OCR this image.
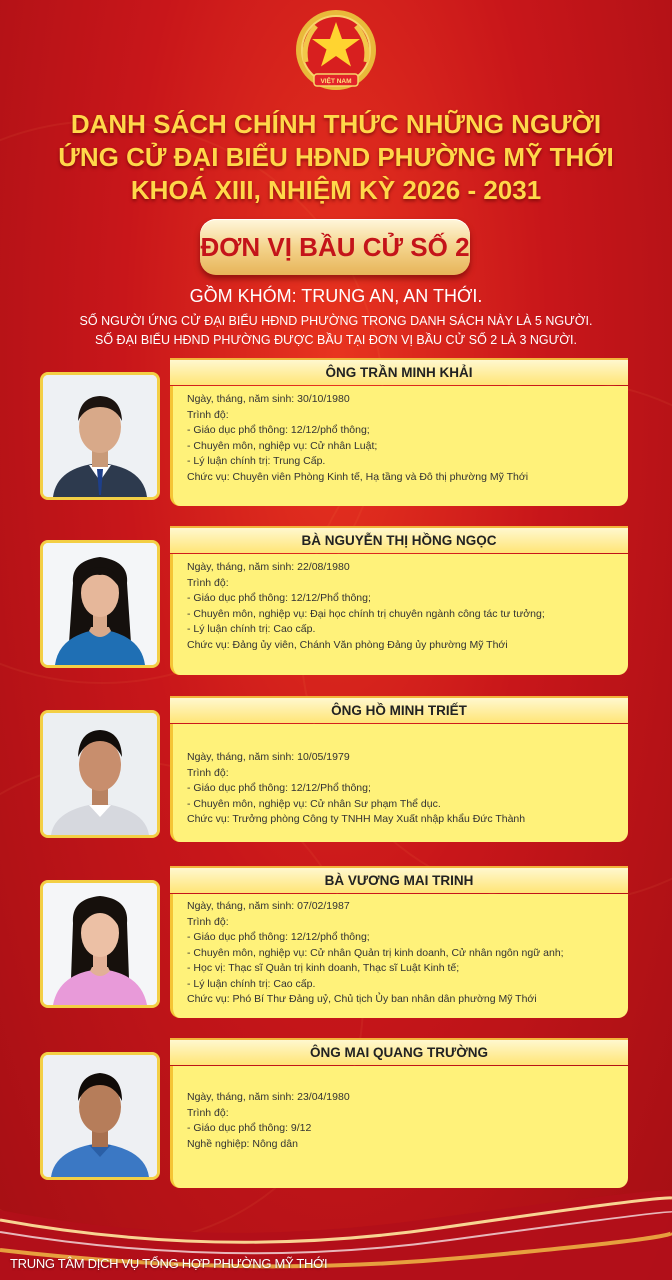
VIỆT NAM
DANH SÁCH CHÍNH THỨC NHỮNG NGƯỜI
ỨNG CỬ ĐẠI BIỂU HĐND PHƯỜNG MỸ THỚI
KHOÁ XIII, NHIỆM KỲ 2026 - 2031
ĐƠN VỊ BẦU CỬ SỐ 2
GỒM KHÓM: TRUNG AN, AN THỚI.
SỐ NGƯỜI ỨNG CỬ ĐẠI BIỂU HĐND PHƯỜNG TRONG DANH SÁCH NÀY LÀ 5 NGƯỜI.
SỐ ĐẠI BIỂU HĐND PHƯỜNG ĐƯỢC BẦU TẠI ĐƠN VỊ BẦU CỬ SỐ 2 LÀ 3 NGƯỜI.
ÔNG TRẦN MINH KHẢI
Ngày, tháng, năm sinh: 30/10/1980
Trình độ:
- Giáo dục phổ thông: 12/12/phổ thông;
- Chuyên môn, nghiệp vụ: Cử nhân Luật;
- Lý luận chính trị: Trung Cấp.
Chức vụ: Chuyên viên Phòng Kinh tế, Hạ tầng và Đô thị phường Mỹ Thới
BÀ NGUYỄN THỊ HỒNG NGỌC
Ngày, tháng, năm sinh: 22/08/1980
Trình độ:
- Giáo dục phổ thông: 12/12/Phổ thông;
- Chuyên môn, nghiệp vụ: Đại học chính trị chuyên ngành công tác tư tưởng;
- Lý luận chính trị: Cao cấp.
Chức vụ: Đảng ủy viên, Chánh Văn phòng Đảng ủy phường Mỹ Thới
ÔNG HỒ MINH TRIẾT
Ngày, tháng, năm sinh: 10/05/1979
Trình độ:
- Giáo dục phổ thông: 12/12/Phổ thông;
- Chuyên môn, nghiệp vụ: Cử nhân Sư phạm Thể dục.
Chức vụ: Trưởng phòng Công ty TNHH May Xuất nhập khẩu Đức Thành
BÀ VƯƠNG MAI TRINH
Ngày, tháng, năm sinh: 07/02/1987
Trình độ:
- Giáo dục phổ thông: 12/12/phổ thông;
- Chuyên môn, nghiệp vụ: Cử nhân Quản trị kinh doanh, Cử nhân ngôn ngữ anh;
- Học vị: Thạc sĩ Quản trị kinh doanh, Thạc sĩ Luật Kinh tế;
- Lý luận chính trị: Cao cấp.
Chức vụ: Phó Bí Thư Đảng uỷ, Chủ tịch Ủy ban nhân dân phường Mỹ Thới
ÔNG MAI QUANG TRƯỜNG
Ngày, tháng, năm sinh: 23/04/1980
Trình độ:
- Giáo dục phổ thông: 9/12
Nghề nghiệp: Nông dân
TRUNG TÂM DỊCH VỤ TỔNG HỢP PHƯỜNG MỸ THỚI
